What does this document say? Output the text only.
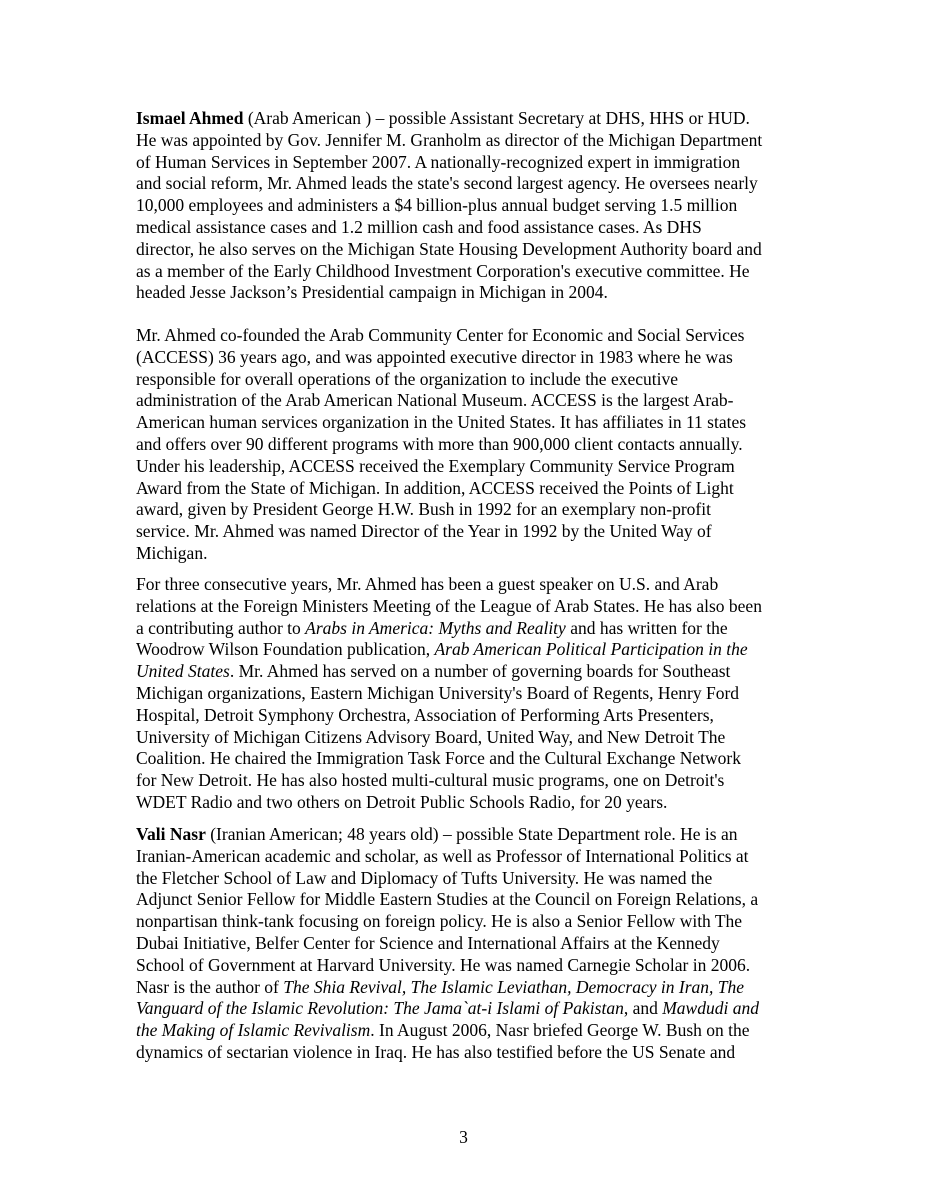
Ismael Ahmed (Arab American ) – possible Assistant Secretary at DHS, HHS or HUD.
He was appointed by Gov. Jennifer M. Granholm as director of the Michigan Department
of Human Services in September 2007. A nationally-recognized expert in immigration
and social reform, Mr. Ahmed leads the state's second largest agency. He oversees nearly
10,000 employees and administers a $4 billion-plus annual budget serving 1.5 million
medical assistance cases and 1.2 million cash and food assistance cases. As DHS
director, he also serves on the Michigan State Housing Development Authority board and
as a member of the Early Childhood Investment Corporation's executive committee. He
headed Jesse Jackson’s Presidential campaign in Michigan in 2004.
Mr. Ahmed co-founded the Arab Community Center for Economic and Social Services
(ACCESS) 36 years ago, and was appointed executive director in 1983 where he was
responsible for overall operations of the organization to include the executive
administration of the Arab American National Museum. ACCESS is the largest Arab-
American human services organization in the United States. It has affiliates in 11 states
and offers over 90 different programs with more than 900,000 client contacts annually.
Under his leadership, ACCESS received the Exemplary Community Service Program
Award from the State of Michigan. In addition, ACCESS received the Points of Light
award, given by President George H.W. Bush in 1992 for an exemplary non-profit
service. Mr. Ahmed was named Director of the Year in 1992 by the United Way of
Michigan.
For three consecutive years, Mr. Ahmed has been a guest speaker on U.S. and Arab
relations at the Foreign Ministers Meeting of the League of Arab States. He has also been
a contributing author to Arabs in America: Myths and Reality and has written for the
Woodrow Wilson Foundation publication, Arab American Political Participation in the
United States. Mr. Ahmed has served on a number of governing boards for Southeast
Michigan organizations, Eastern Michigan University's Board of Regents, Henry Ford
Hospital, Detroit Symphony Orchestra, Association of Performing Arts Presenters,
University of Michigan Citizens Advisory Board, United Way, and New Detroit The
Coalition. He chaired the Immigration Task Force and the Cultural Exchange Network
for New Detroit. He has also hosted multi-cultural music programs, one on Detroit's
WDET Radio and two others on Detroit Public Schools Radio, for 20 years.
Vali Nasr (Iranian American; 48 years old) – possible State Department role. He is an
Iranian-American academic and scholar, as well as Professor of International Politics at
the Fletcher School of Law and Diplomacy of Tufts University. He was named the
Adjunct Senior Fellow for Middle Eastern Studies at the Council on Foreign Relations, a
nonpartisan think-tank focusing on foreign policy. He is also a Senior Fellow with The
Dubai Initiative, Belfer Center for Science and International Affairs at the Kennedy
School of Government at Harvard University. He was named Carnegie Scholar in 2006.
Nasr is the author of The Shia Revival, The Islamic Leviathan, Democracy in Iran, The
Vanguard of the Islamic Revolution: The Jama`at-i Islami of Pakistan, and Mawdudi and
the Making of Islamic Revivalism. In August 2006, Nasr briefed George W. Bush on the
dynamics of sectarian violence in Iraq. He has also testified before the US Senate and
3
